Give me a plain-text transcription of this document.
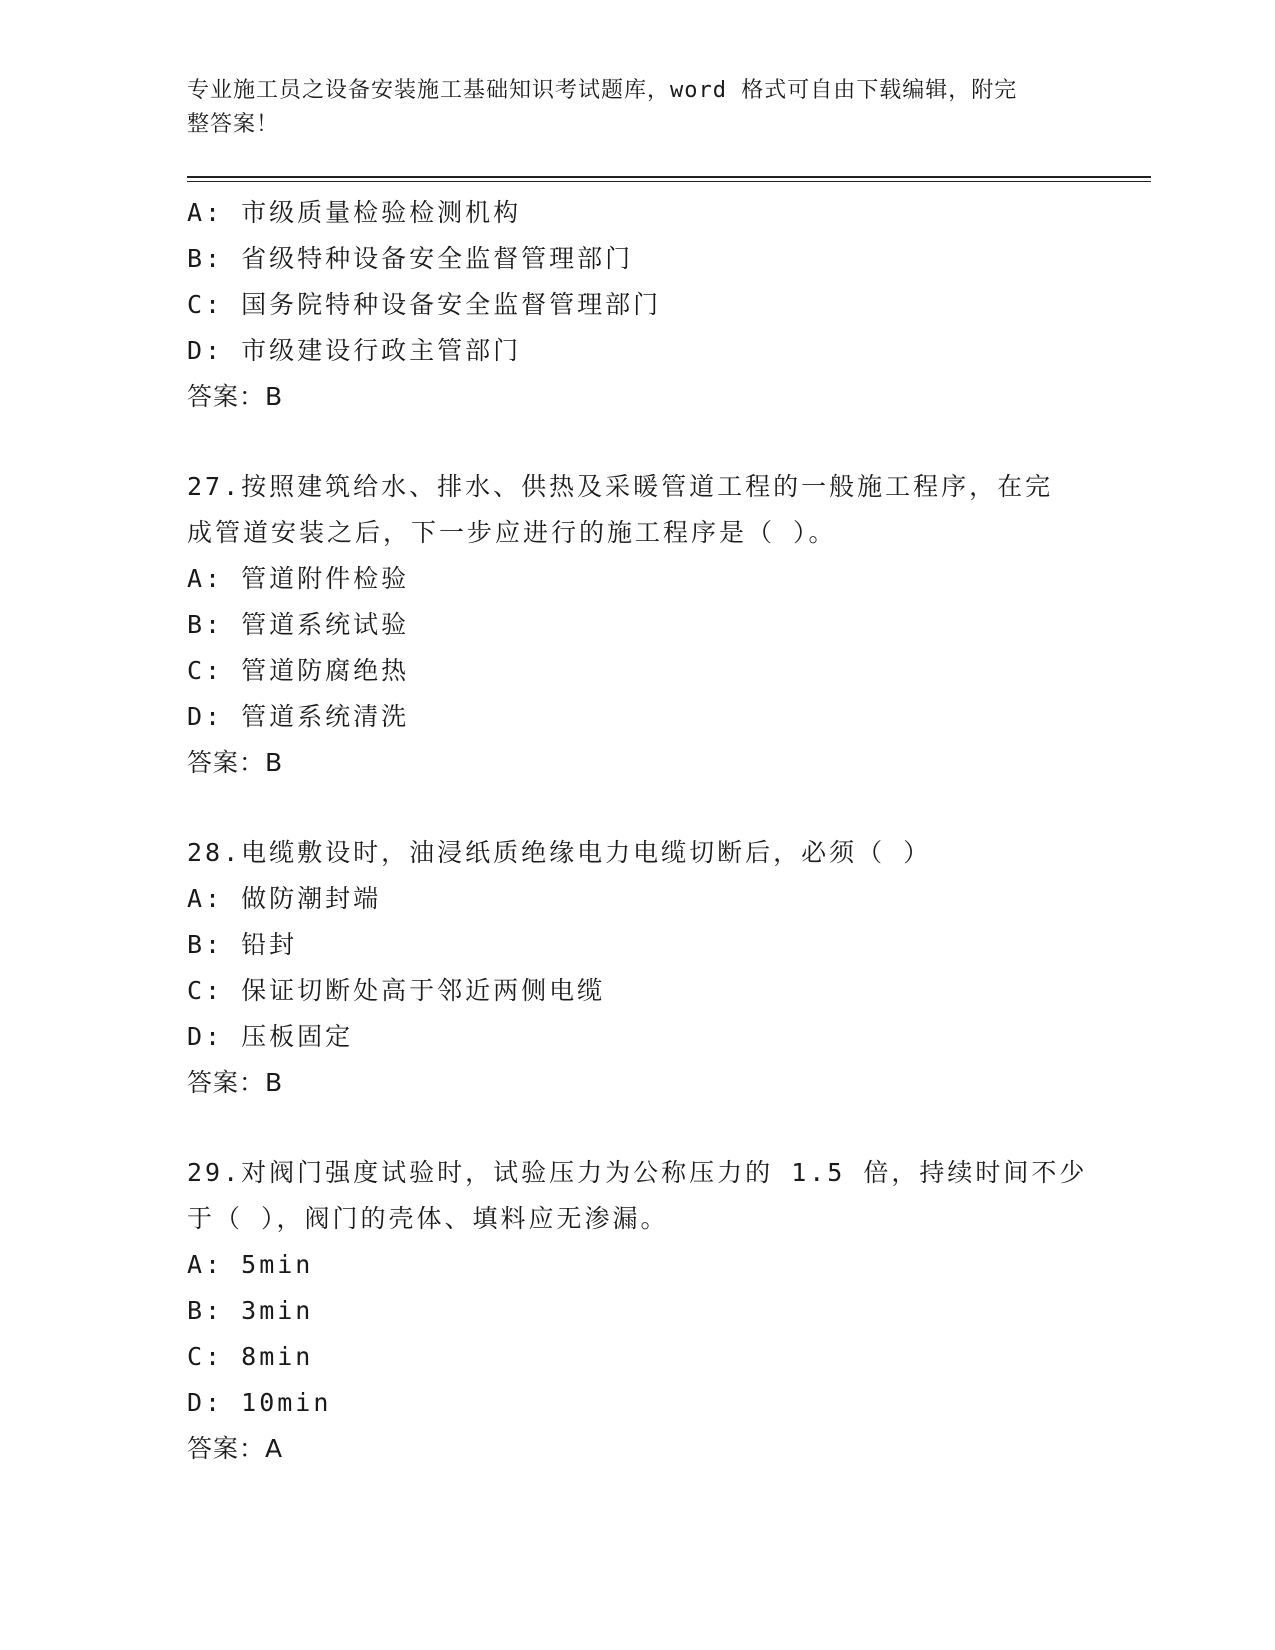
专业施工员之设备安装施工基础知识考试题库，word 格式可自由下载编辑，附完
整答案！
A: 市级质量检验检测机构
B: 省级特种设备安全监督管理部门
C: 国务院特种设备安全监督管理部门
D: 市级建设行政主管部门
答案：B
27.按照建筑给水、排水、供热及采暖管道工程的一般施工程序，在完
成管道安装之后，下一步应进行的施工程序是（ ）。
A: 管道附件检验
B: 管道系统试验
C: 管道防腐绝热
D: 管道系统清洗
答案：B
28.电缆敷设时，油浸纸质绝缘电力电缆切断后，必须（ ）
A: 做防潮封端
B: 铅封
C: 保证切断处高于邻近两侧电缆
D: 压板固定
答案：B
29.对阀门强度试验时，试验压力为公称压力的 1.5 倍，持续时间不少
于（ ），阀门的壳体、填料应无渗漏。
A: 5min
B: 3min
C: 8min
D: 10min
答案：A
